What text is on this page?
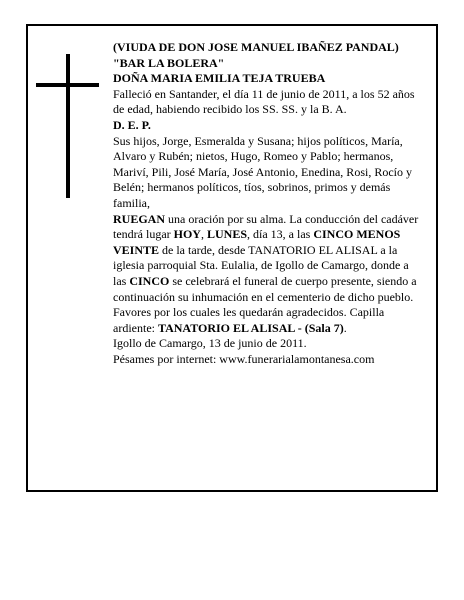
(VIUDA DE DON JOSE MANUEL IBAÑEZ PANDAL) "BAR LA BOLERA"

DOÑA MARIA EMILIA TEJA TRUEBA

Falleció en Santander, el día 11 de junio de 2011, a los 52 años de edad, habiendo recibido los SS. SS. y la B. A.

D. E. P.

Sus hijos, Jorge, Esmeralda y Susana; hijos políticos, María, Alvaro y Rubén; nietos, Hugo, Romeo y Pablo; hermanos, Mariví, Pili, José María, José Antonio, Enedina, Rosi, Rocío y Belén; hermanos políticos, tíos, sobrinos, primos y demás familia,

RUEGAN una oración por su alma. La conducción del cadáver tendrá lugar HOY, LUNES, día 13, a las CINCO MENOS VEINTE de la tarde, desde TANATORIO EL ALISAL a la iglesia parroquial Sta. Eulalia, de Igollo de Camargo, donde a las CINCO se celebrará el funeral de cuerpo presente, siendo a continuación su inhumación en el cementerio de dicho pueblo. Favores por los cuales les quedarán agradecidos. Capilla ardiente: TANATORIO EL ALISAL - (Sala 7).

Igollo de Camargo, 13 de junio de 2011.

Pésames por internet: www.funerarialamontanesa.com
